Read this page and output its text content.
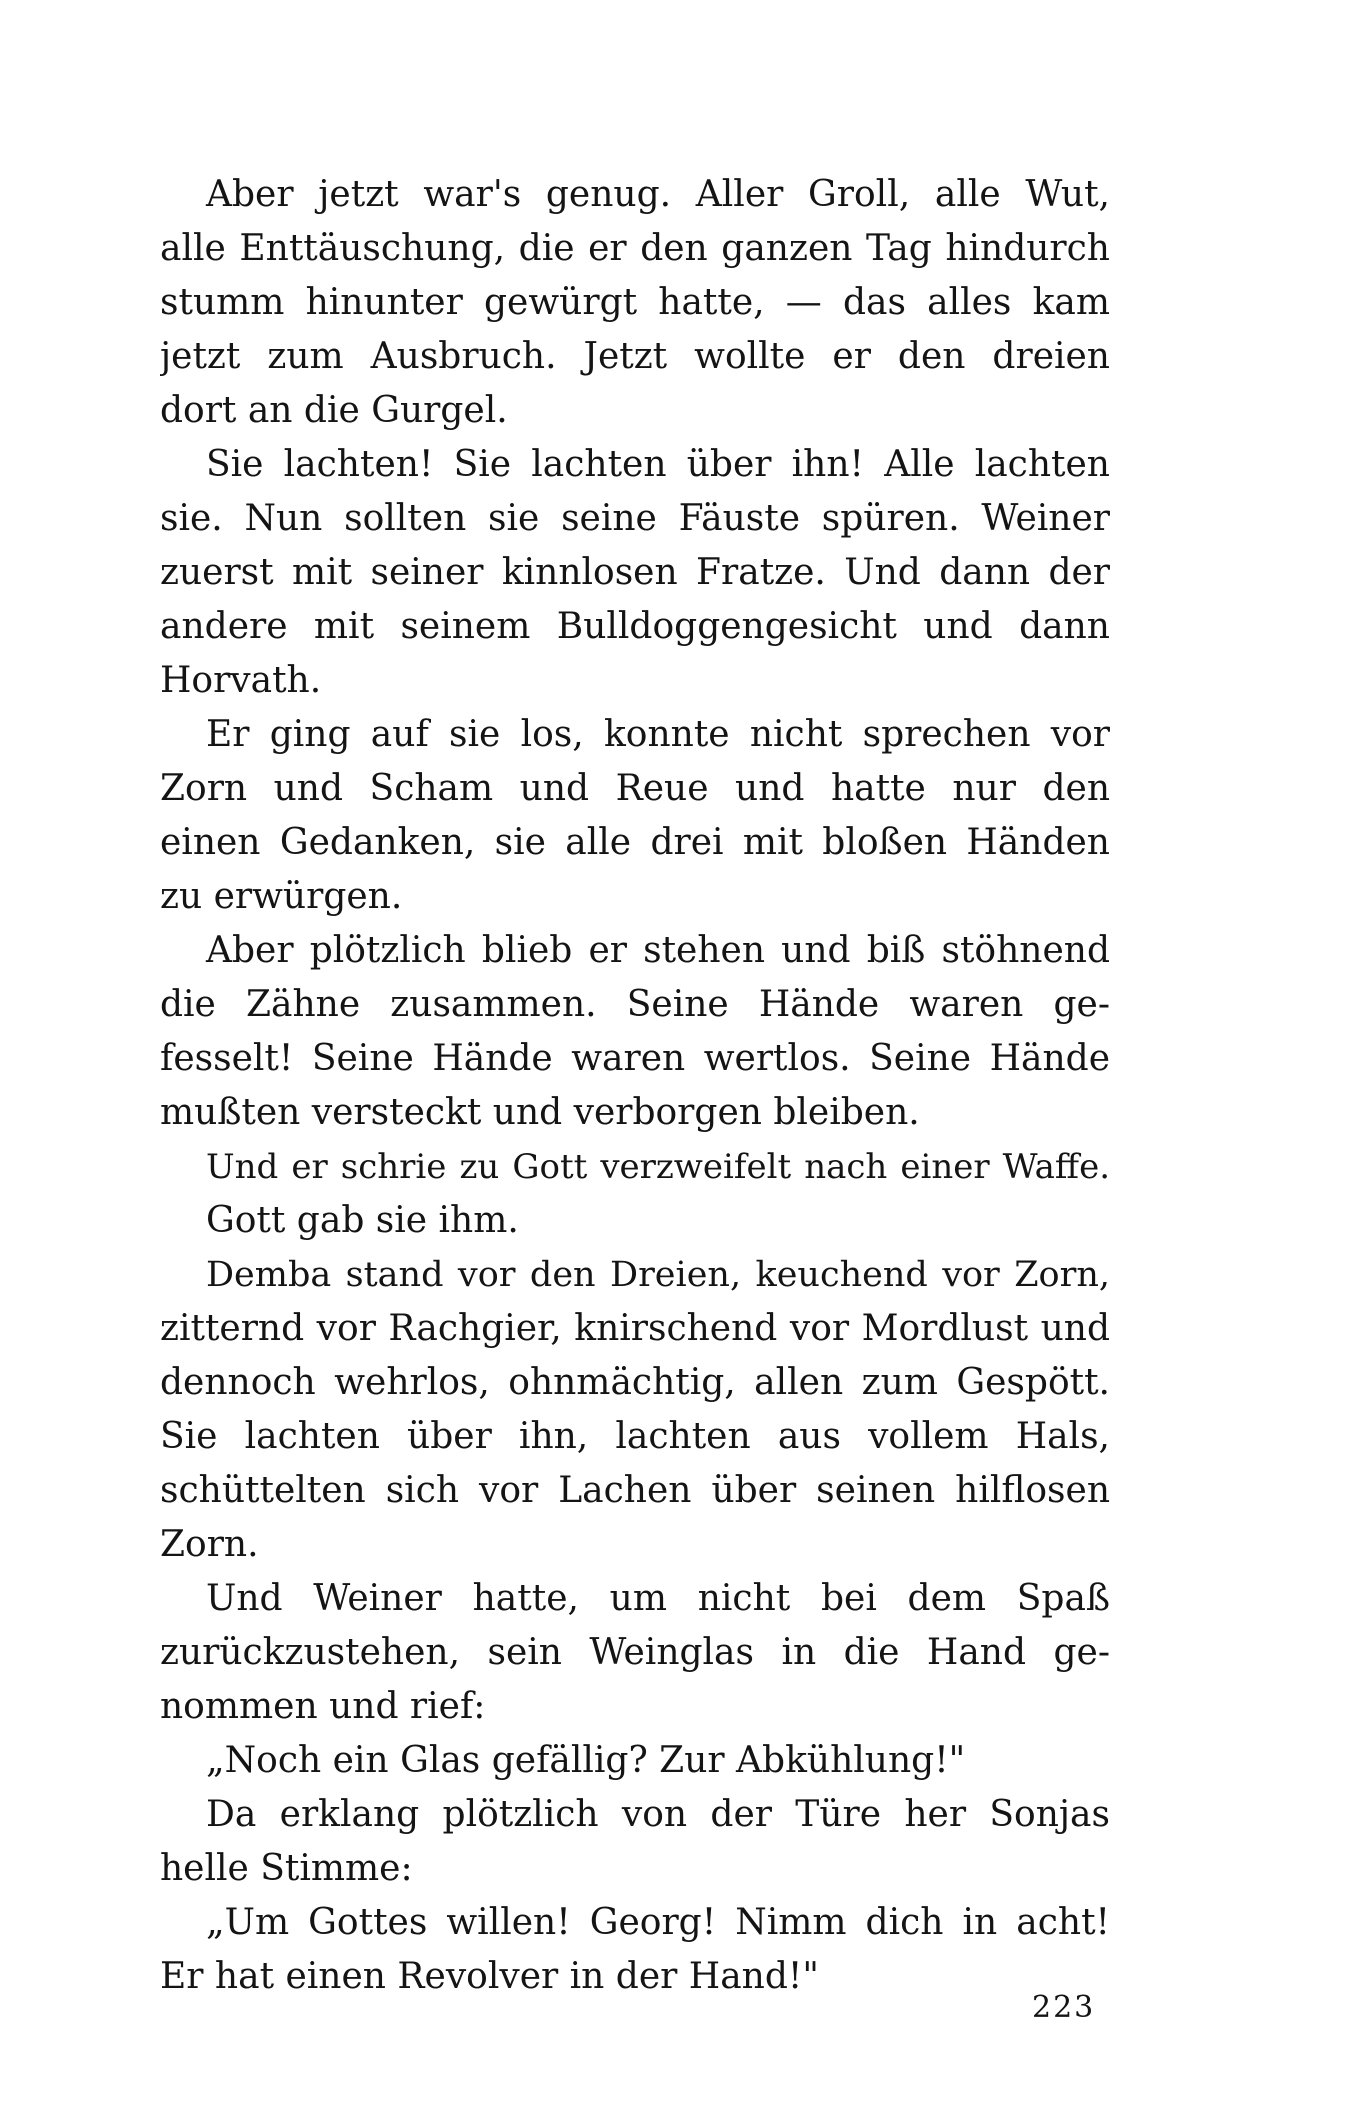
Aber jetzt war's genug. Aller Groll, alle Wut,
alle Enttäuschung, die er den ganzen Tag hindurch
stumm hinunter gewürgt hatte, — das alles kam
jetzt zum Ausbruch. Jetzt wollte er den dreien
dort an die Gurgel.
Sie lachten! Sie lachten über ihn! Alle lachten
sie. Nun sollten sie seine Fäuste spüren. Weiner
zuerst mit seiner kinnlosen Fratze. Und dann der
andere mit seinem Bulldoggengesicht und dann
Horvath.
Er ging auf sie los, konnte nicht sprechen vor
Zorn und Scham und Reue und hatte nur den
einen Gedanken, sie alle drei mit bloßen Händen
zu erwürgen.
Aber plötzlich blieb er stehen und biß stöhnend
die Zähne zusammen. Seine Hände waren ge-
fesselt! Seine Hände waren wertlos. Seine Hände
mußten versteckt und verborgen bleiben.
Und er schrie zu Gott verzweifelt nach einer Waffe.
Gott gab sie ihm.
Demba stand vor den Dreien, keuchend vor Zorn,
zitternd vor Rachgier, knirschend vor Mordlust und
dennoch wehrlos, ohnmächtig, allen zum Gespött.
Sie lachten über ihn, lachten aus vollem Hals,
schüttelten sich vor Lachen über seinen hilflosen
Zorn.
Und Weiner hatte, um nicht bei dem Spaß
zurückzustehen, sein Weinglas in die Hand ge-
nommen und rief:
„Noch ein Glas gefällig? Zur Abkühlung!"
Da erklang plötzlich von der Türe her Sonjas
helle Stimme:
„Um Gottes willen! Georg! Nimm dich in acht!
Er hat einen Revolver in der Hand!"
223
